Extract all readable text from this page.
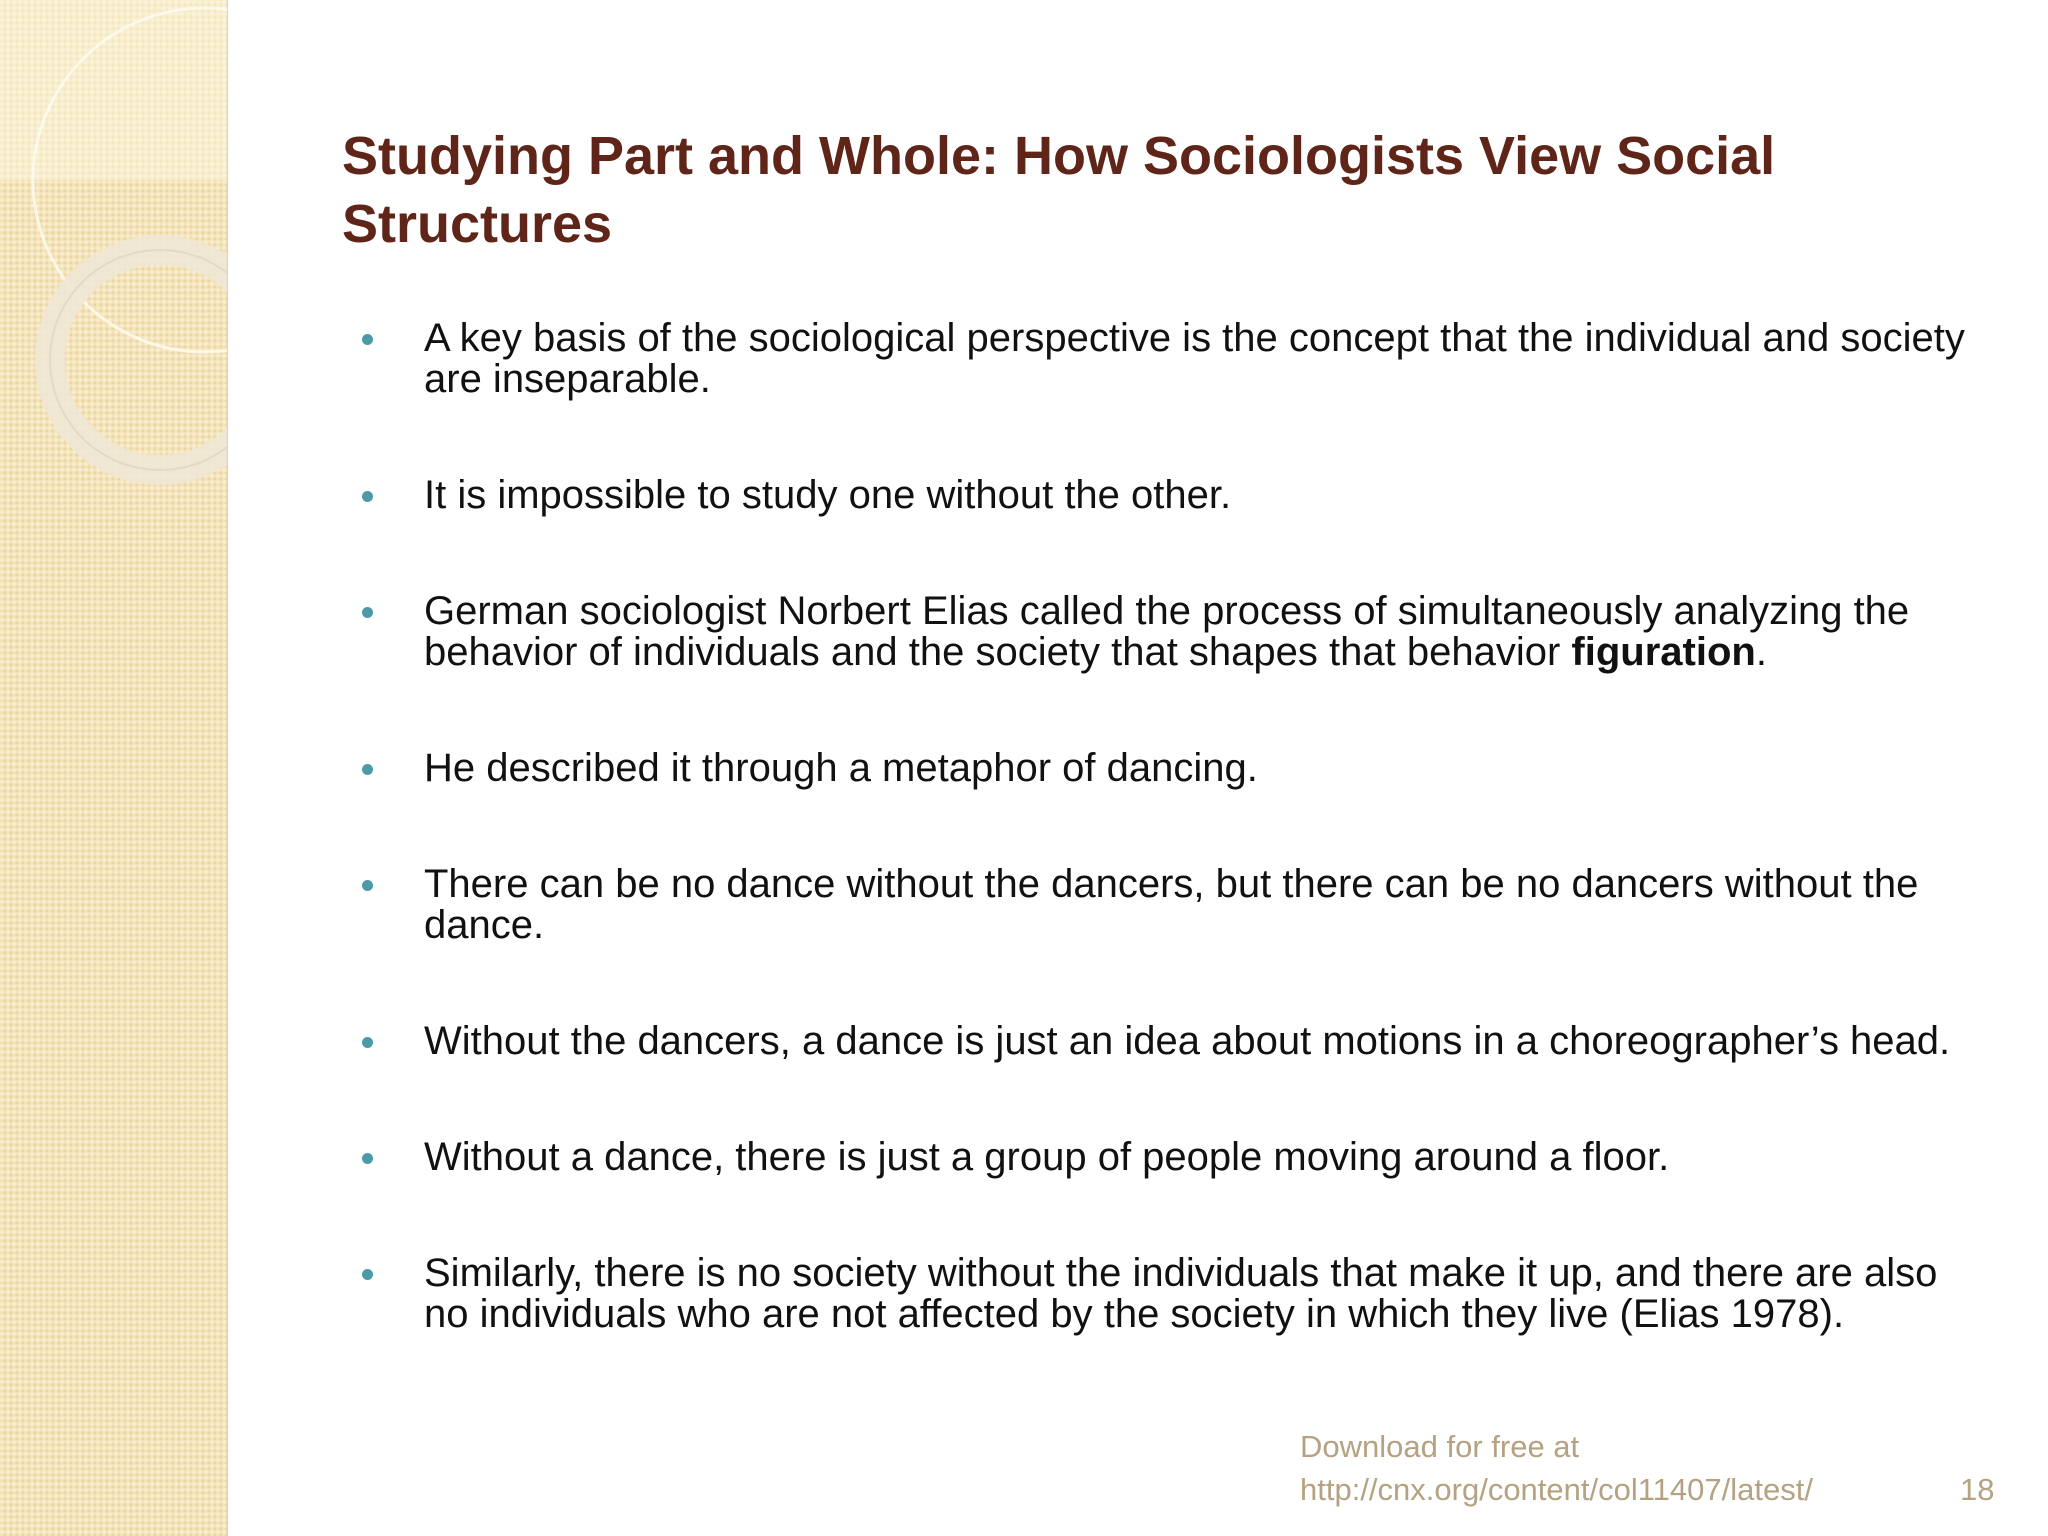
Studying Part and Whole: How Sociologists View Social Structures
A key basis of the sociological perspective is the concept that the individual and society are inseparable.
It is impossible to study one without the other.
German sociologist Norbert Elias called the process of simultaneously analyzing the behavior of individuals and the society that shapes that behavior figuration.
He described it through a metaphor of dancing.
There can be no dance without the dancers, but there can be no dancers without the dance.
Without the dancers, a dance is just an idea about motions in a choreographer’s head.
Without a dance, there is just a group of people moving around a floor.
Similarly, there is no society without the individuals that make it up, and there are also no individuals who are not affected by the society in which they live (Elias 1978).
Download for free at
http://cnx.org/content/col11407/latest/	18
